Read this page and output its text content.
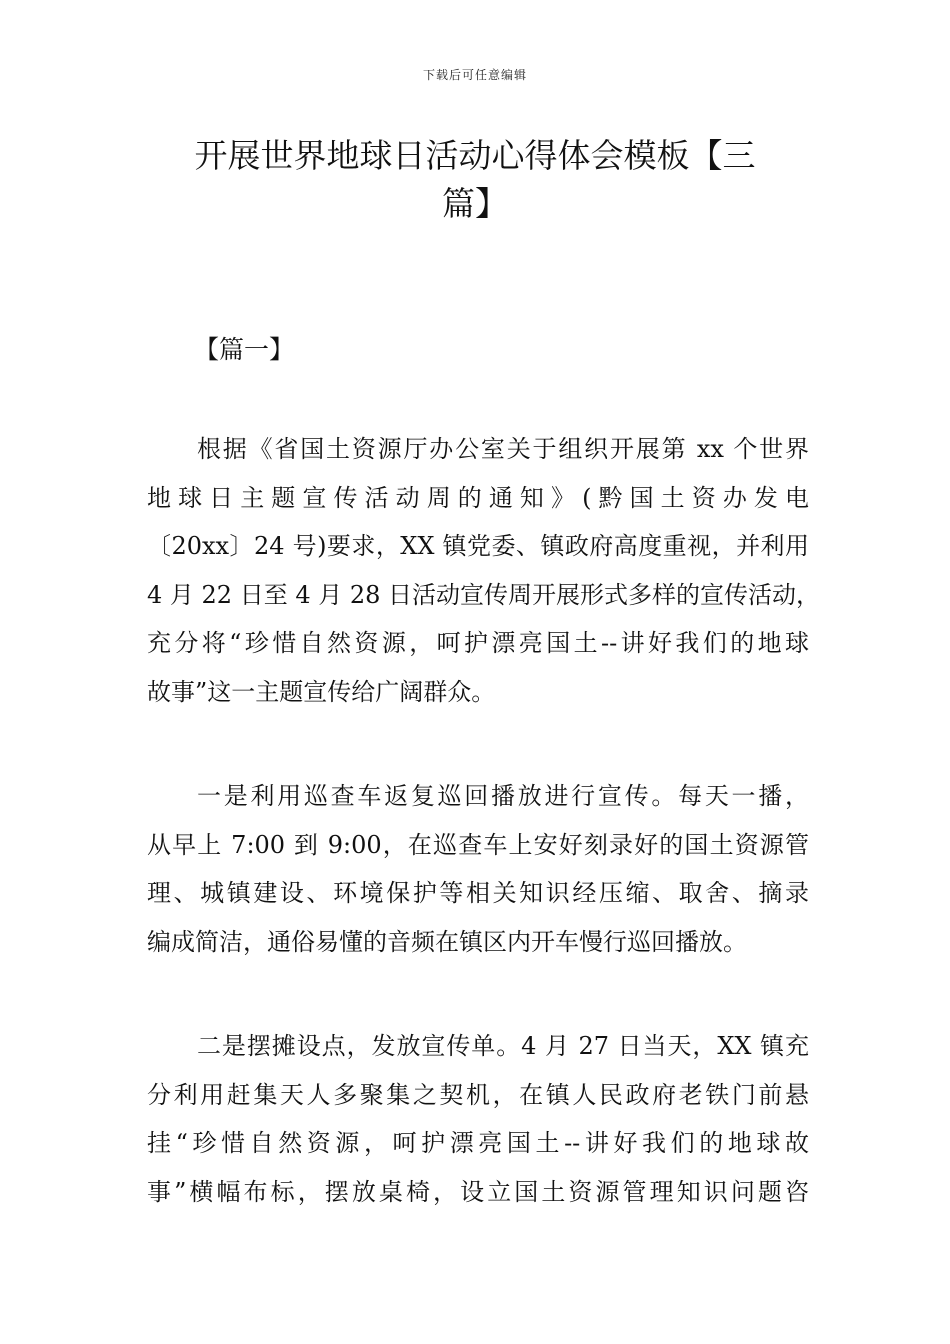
下载后可任意编辑
开展世界地球日活动心得体会模板【三
篇】
【篇一】
根据《省国土资源厅办公室关于组织开展第 xx 个世界
地球日主题宣传活动周的通知》(黔国土资办发电
〔20xx〕24 号)要求，XX 镇党委、镇政府高度重视，并利用
4 月 22 日至 4 月 28 日活动宣传周开展形式多样的宣传活动，
充分将“珍惜自然资源，呵护漂亮国土--讲好我们的地球
故事”这一主题宣传给广阔群众。
一是利用巡查车返复巡回播放进行宣传。每天一播，
从早上 7:00 到 9:00，在巡查车上安好刻录好的国土资源管
理、城镇建设、环境保护等相关知识经压缩、取舍、摘录
编成简洁，通俗易懂的音频在镇区内开车慢行巡回播放。
二是摆摊设点，发放宣传单。4 月 27 日当天，XX 镇充
分利用赶集天人多聚集之契机，在镇人民政府老铁门前悬
挂“珍惜自然资源，呵护漂亮国土--讲好我们的地球故
事”横幅布标，摆放桌椅，设立国土资源管理知识问题咨
